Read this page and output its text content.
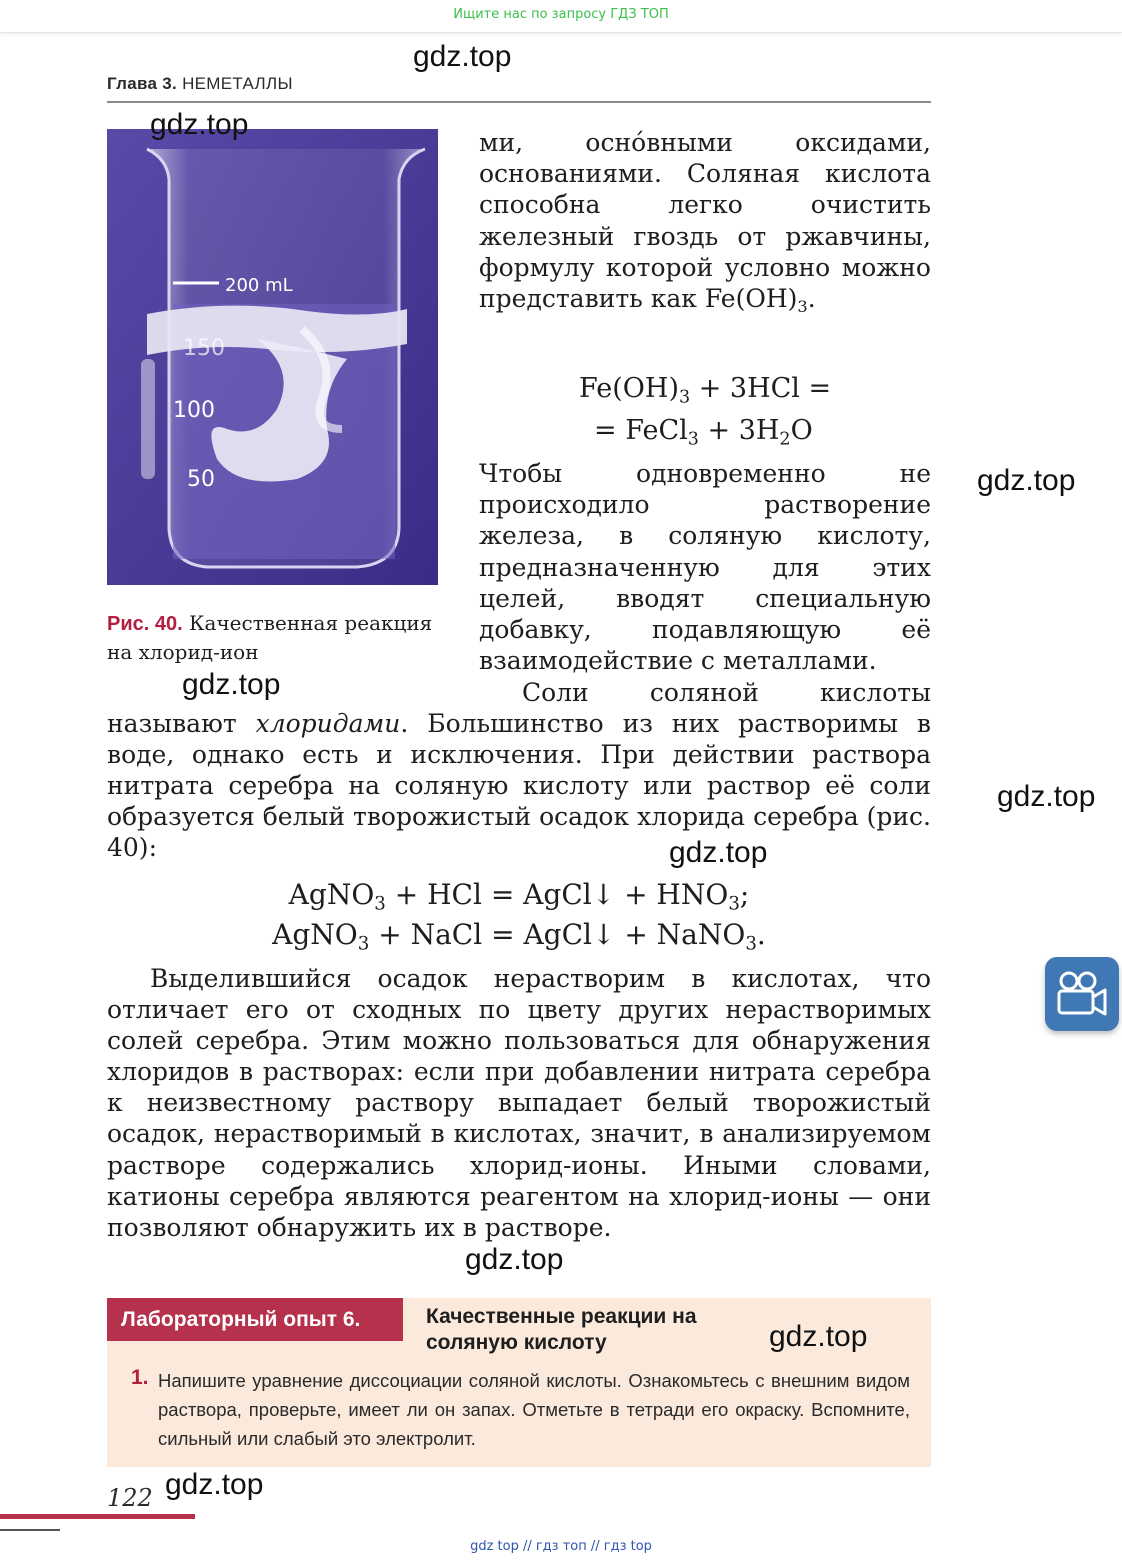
Ищите нас по запросу ГДЗ ТОП
Глава 3. НЕМЕТАЛЛЫ
200 mL
150
100
50
Рис. 40. Качественная реакция на хлорид-ион
ми, оснóвными оксидами, основаниями. Соляная кислота способна легко очистить железный гвоздь от ржавчины, формулу которой условно можно представить как $Fe(OH)_3$.
$Fe(OH)_3 + 3HCl$ =
= FeCl$_3$ + $3H_2O$
Чтобы одновременно не происходило растворение железа, в соляную кислоту, предназначенную для этих целей, вводят специальную добавку, подавляющую её взаимодействие с металлами.

Соли соляной кислоты называют хлоридами. Большинство из них растворимы в воде, однако есть и исключения. При действии раствора нитрата серебра на соляную кислоту или раствор её соли образуется белый творожистый осадок хлорида серебра (рис. 40):

AgNO$_3$ + HCl = AgCl↓ + $HNO_3$;
AgNO$_3$ + NaCl = AgCl↓ + NaNO$_3$.

Выделившийся осадок нерастворим в кислотах, что отличает его от сходных по цвету других нерастворимых солей серебра. Этим можно пользоваться для обнаружения хлоридов в растворах: если при добавлении нитрата серебра к неизвестному раствору выпадает белый творожистый осадок, нерастворимый в кислотах, значит, в анализируемом растворе содержались хлорид-ионы. Иными словами, катионы серебра являются реагентом на хлорид-ионы — они позволяют обнаружить их в растворе.

Лабораторный опыт 6.	Качественные реакции на соляную кислоту
1. Напишите уравнение диссоциации соляной кислоты. Ознакомьтесь с внешним видом раствора, проверьте, имеет ли он запах. Отметьте в тетради его окраску. Вспомните, сильный или слабый это электролит.
122
gdz.top
gdz.top
gdz.top
gdz.top
gdz.top
gdz.top
gdz.top
gdz.top
gdz.top
gdz top // гдз топ // гдз top
